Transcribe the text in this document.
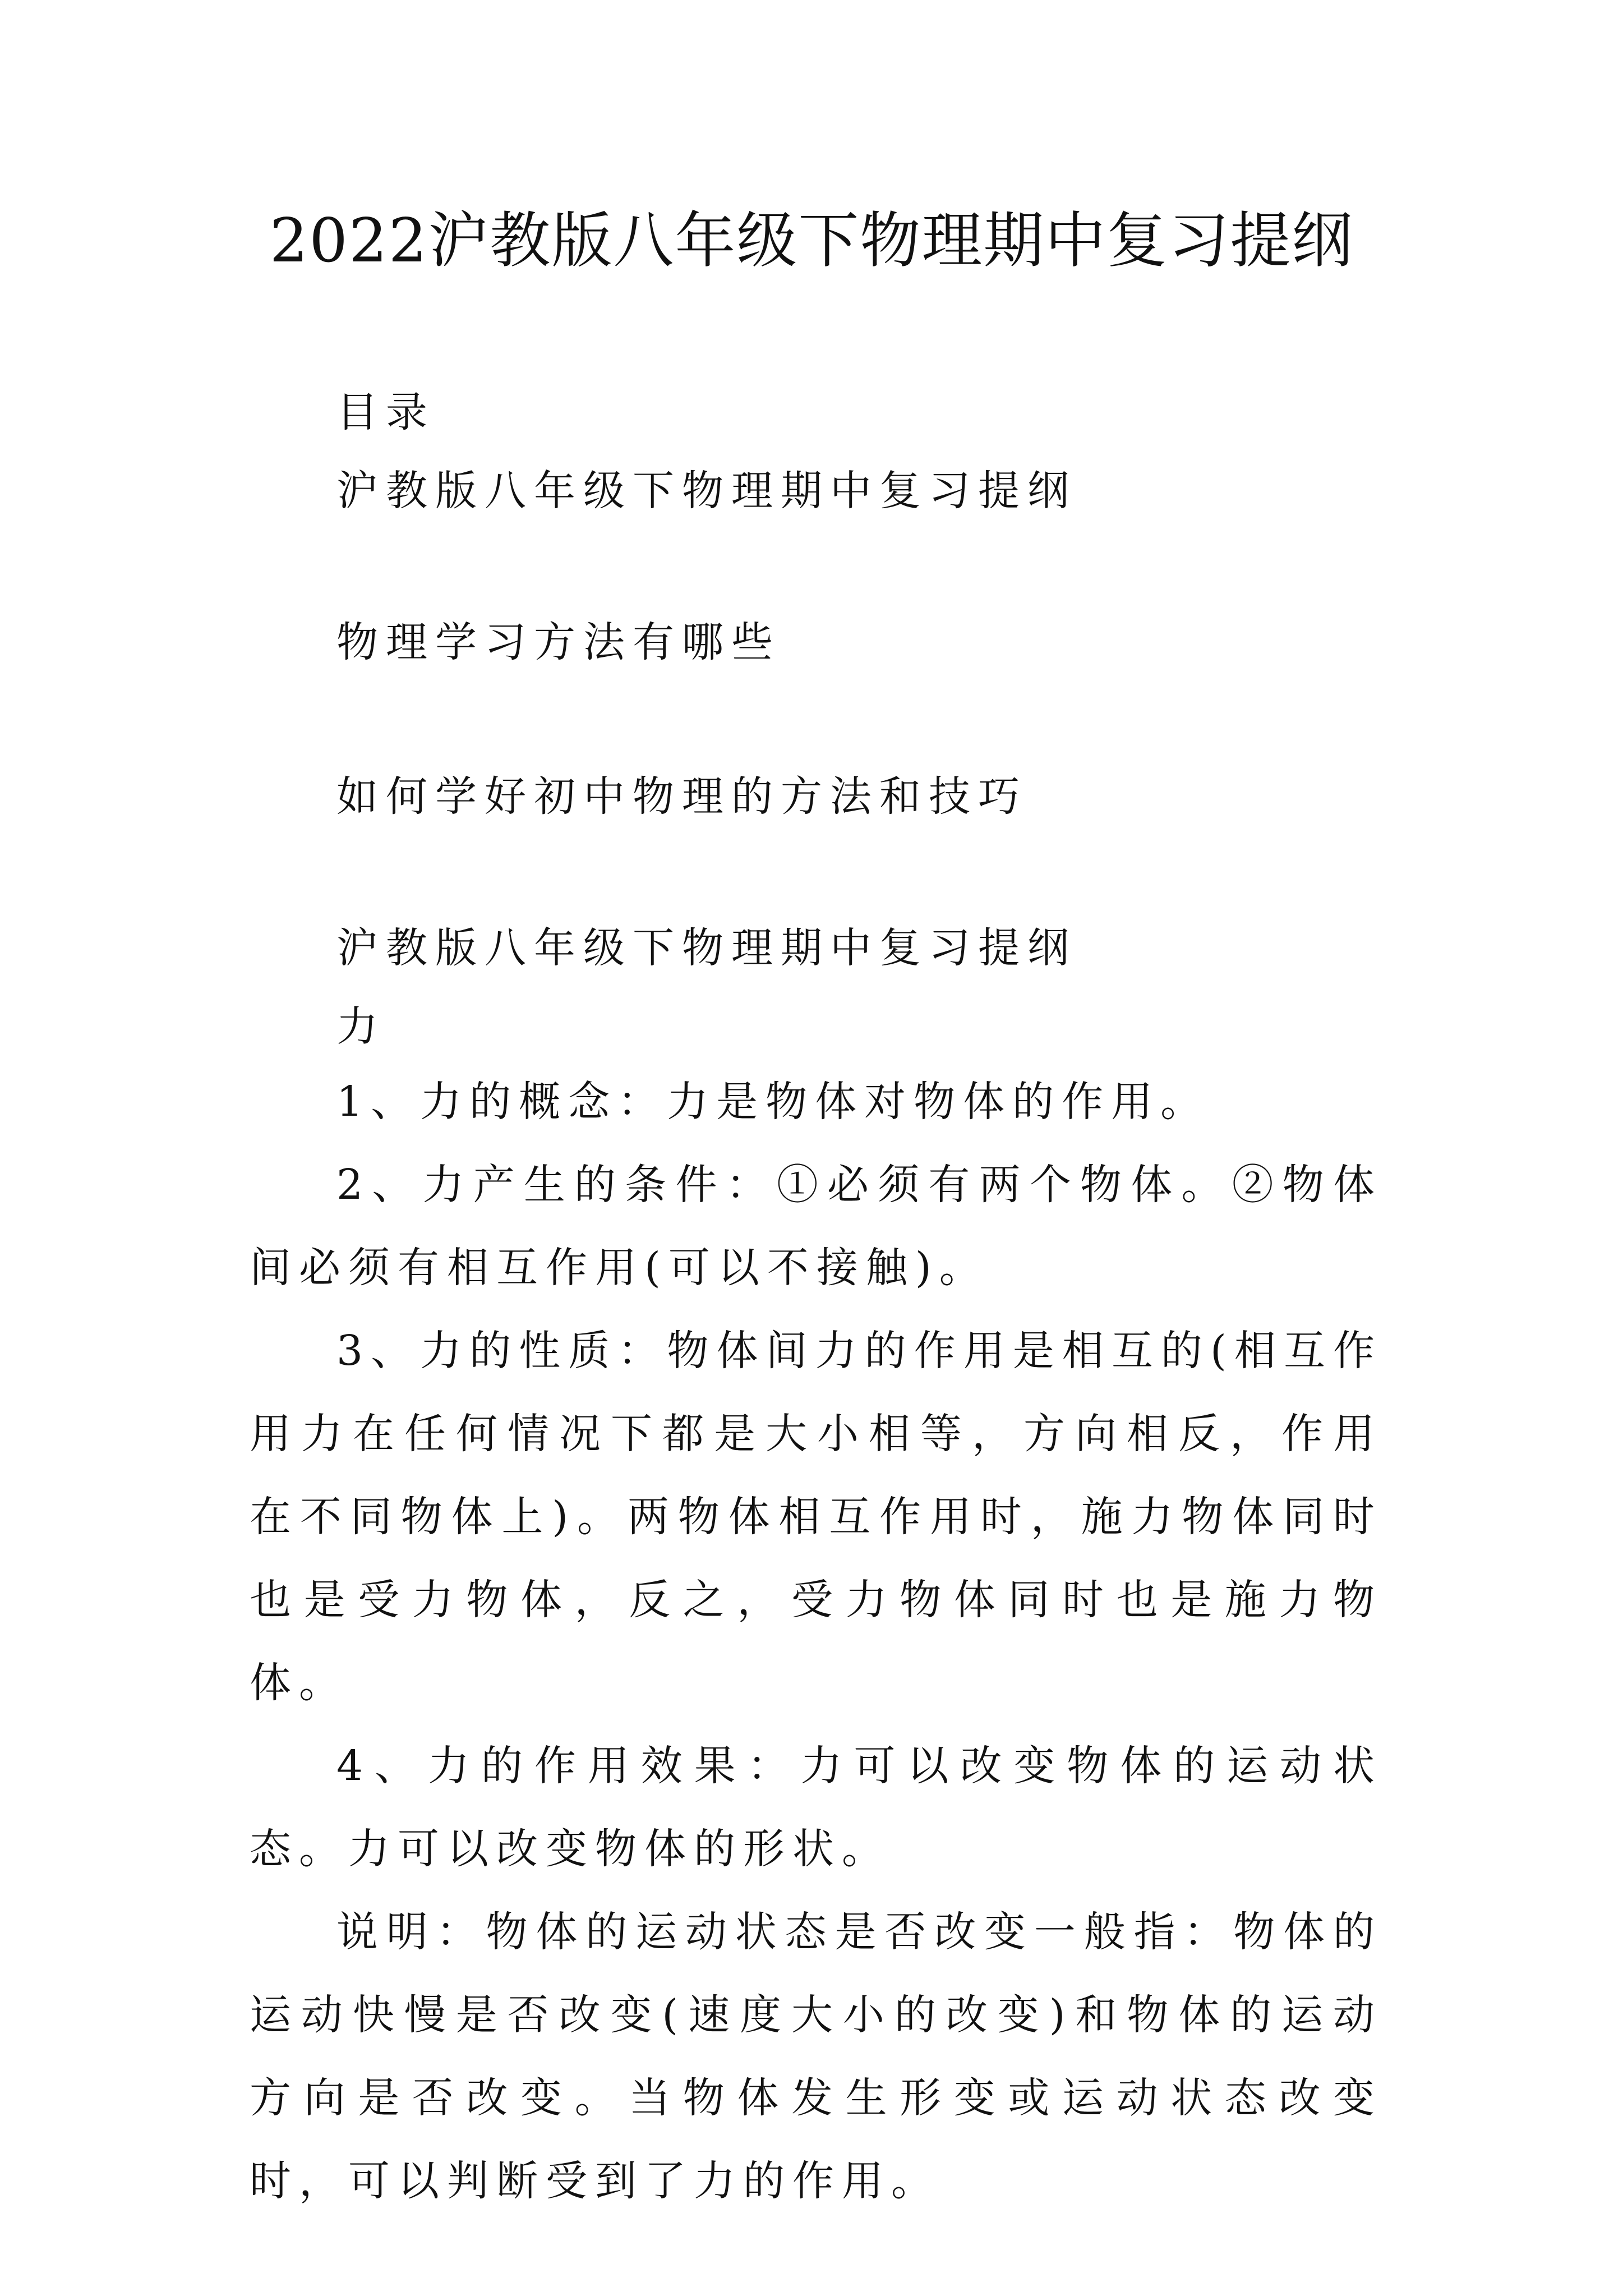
2022沪教版八年级下物理期中复习提纲
目录
沪教版八年级下物理期中复习提纲
物理学习方法有哪些
如何学好初中物理的方法和技巧
沪教版八年级下物理期中复习提纲
力

1、力的概念：力是物体对物体的作用。

2、力产生的条件：①必须有两个物体。②物体间必须有相互作用(可以不接触)。

3、力的性质：物体间力的作用是相互的(相互作用力在任何情况下都是大小相等，方向相反，作用在不同物体上)。两物体相互作用时，施力物体同时也是受力物体，反之，受力物体同时也是施力物体。

4、力的作用效果：力可以改变物体的运动状态。力可以改变物体的形状。

说明：物体的运动状态是否改变一般指：物体的运动快慢是否改变(速度大小的改变)和物体的运动方向是否改变。当物体发生形变或运动状态改变时，可以判断受到了力的作用。
